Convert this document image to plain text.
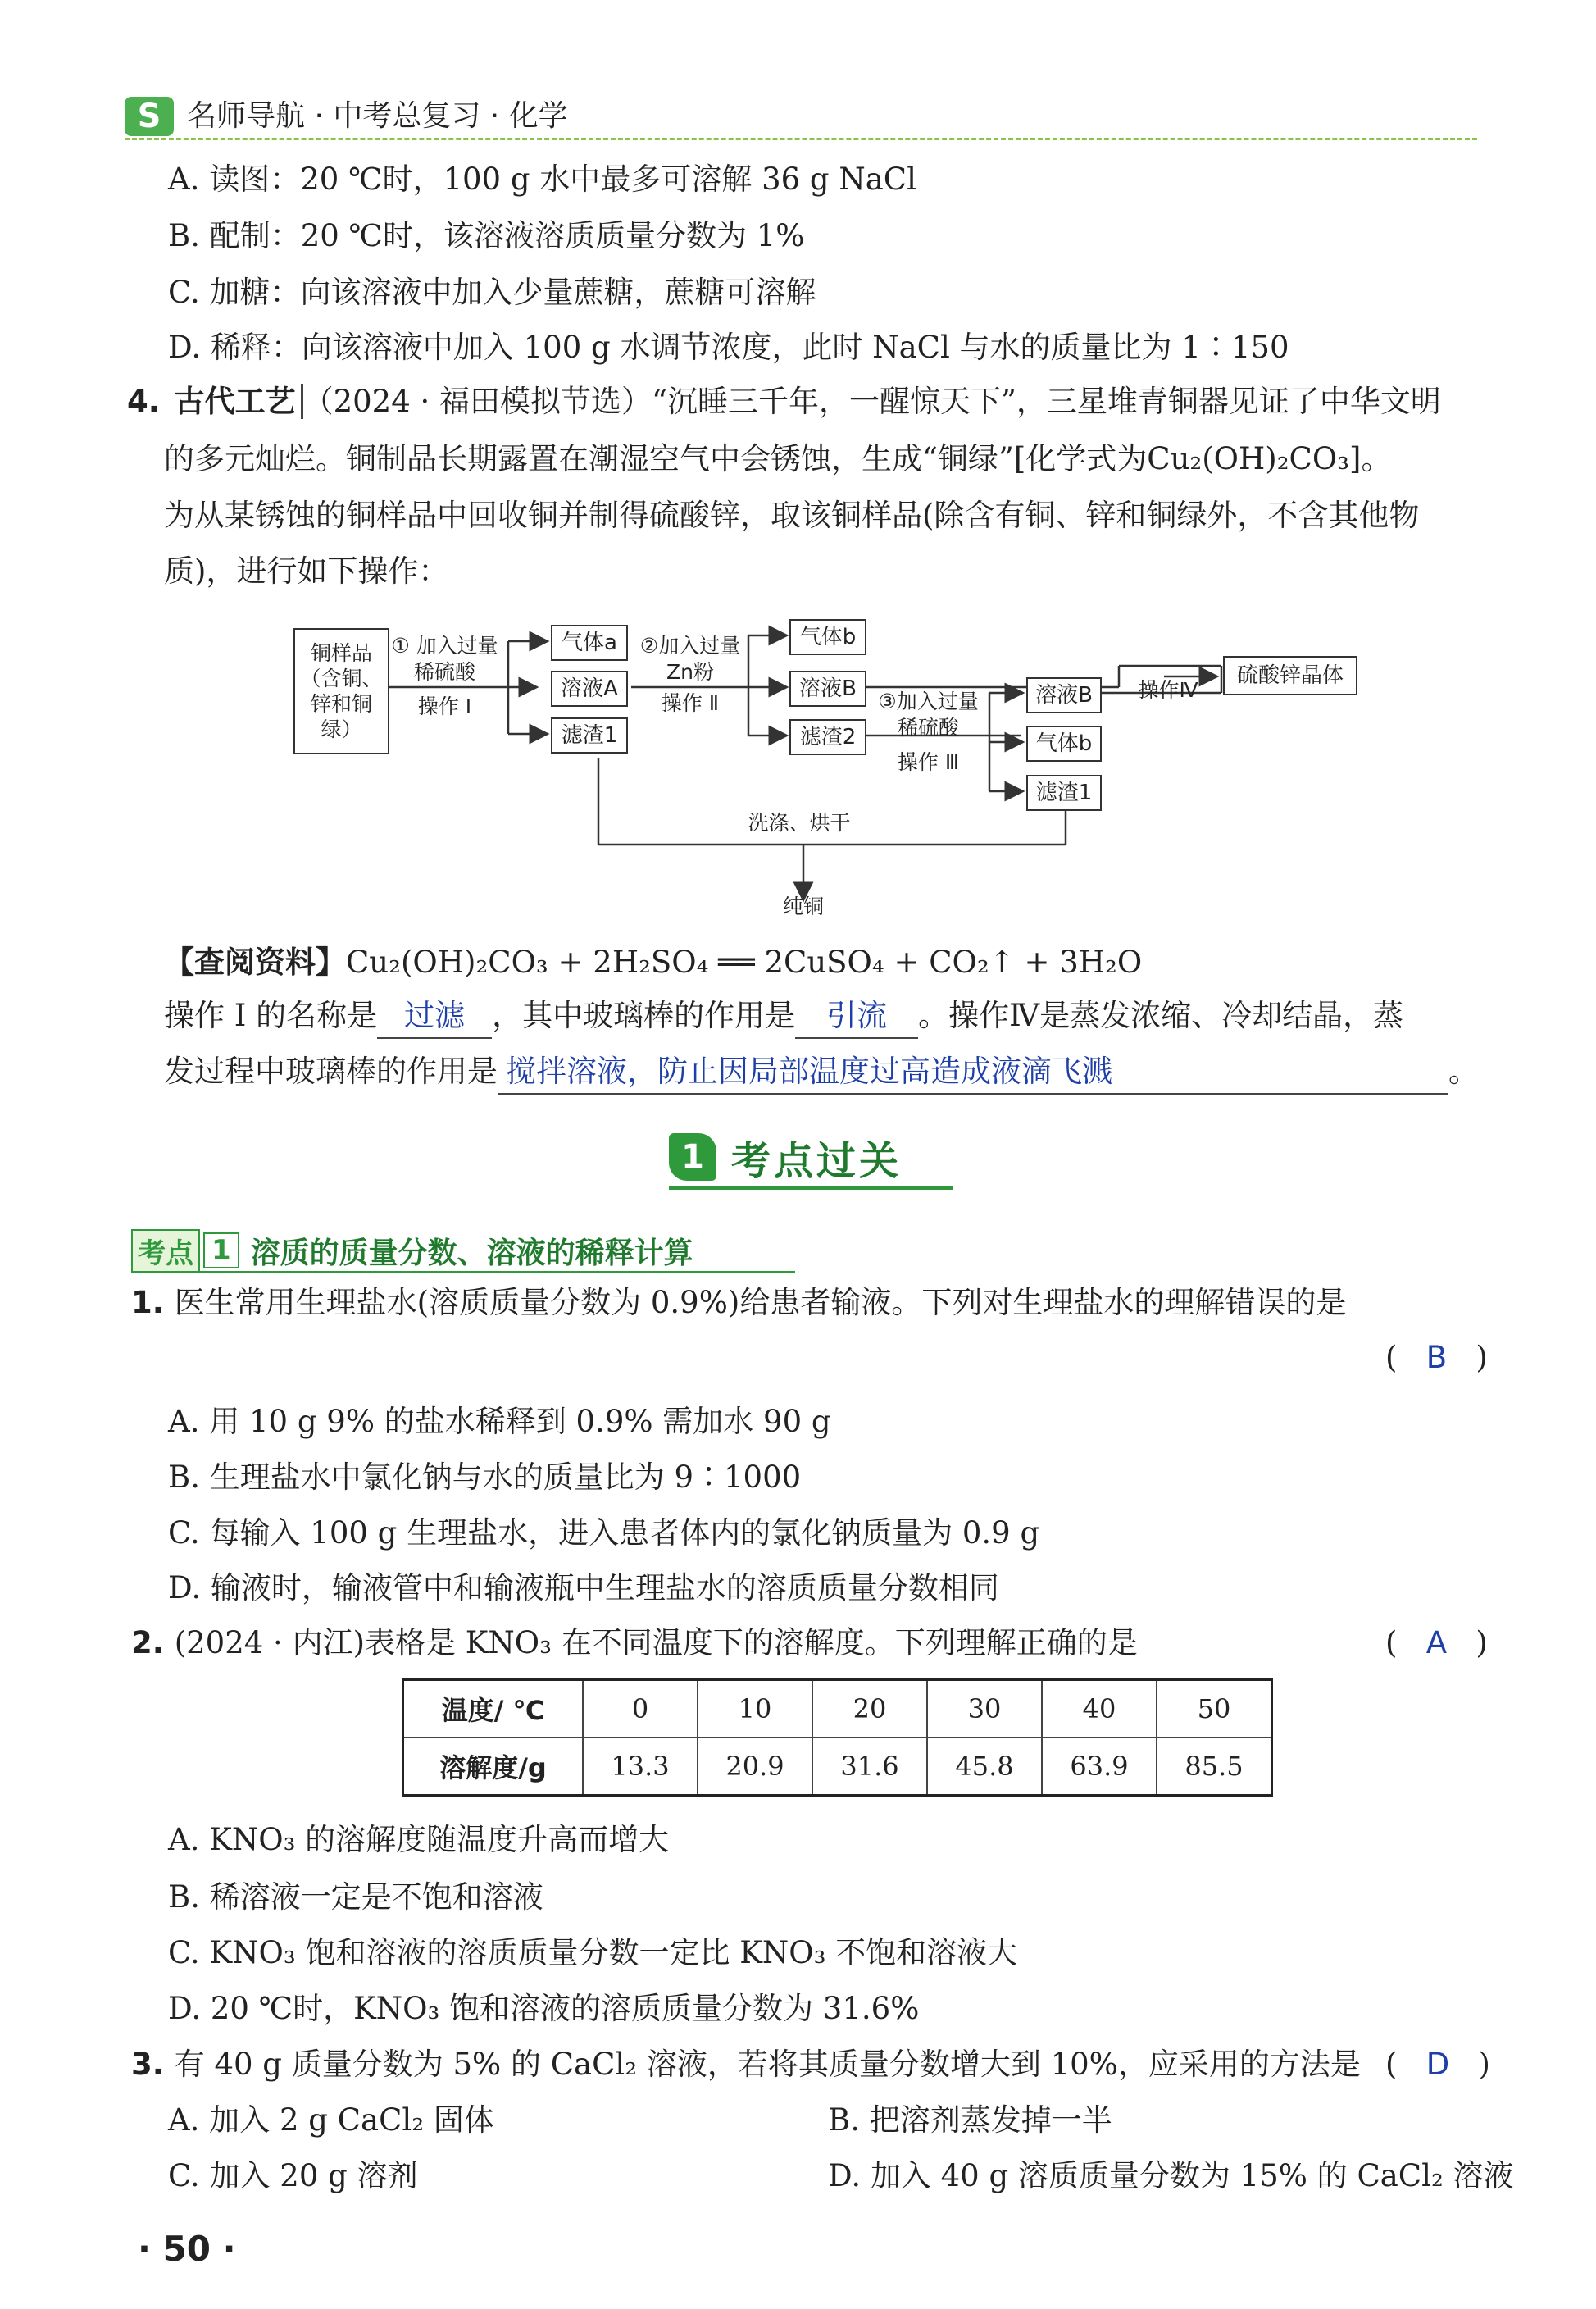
S 名师导航 · 中考总复习 · 化学
A. 读图：20 ℃时，100 g 水中最多可溶解 36 g NaCl
B. 配制：20 ℃时，该溶液溶质质量分数为 1%
C. 加糖：向该溶液中加入少量蔗糖，蔗糖可溶解
D. 稀释：向该溶液中加入 100 g 水调节浓度，此时 NaCl 与水的质量比为 1∶150
4. 古代工艺 （2024 · 福田模拟节选）“沉睡三千年，一醒惊天下”，三星堆青铜器见证了中华文明
的多元灿烂。铜制品长期露置在潮湿空气中会锈蚀，生成“铜绿”[化学式为Cu₂(OH)₂CO₃]。
为从某锈蚀的铜样品中回收铜并制得硫酸锌，取该铜样品(除含有铜、锌和铜绿外，不含其他物
质)，进行如下操作：
铜样品（含铜、锌和铜绿）
① 加入过量稀硫酸
操作 Ⅰ
气体a
溶液A
滤渣1
②加入过量Zn粉
操作 Ⅱ
气体b
溶液B
滤渣2
③加入过量稀硫酸
操作 Ⅲ
溶液B
气体b
滤渣1
操作Ⅳ
硫酸锌晶体
洗涤、烘干
纯铜
【查阅资料】Cu₂(OH)₂CO₃ + 2H₂SO₄ ══ 2CuSO₄ + CO₂↑ + 3H₂O
操作 Ⅰ 的名称是 过滤 ，其中玻璃棒的作用是 引流 。操作Ⅳ是蒸发浓缩、冷却结晶，蒸
发过程中玻璃棒的作用是 搅拌溶液，防止因局部温度过高造成液滴飞溅	。
1 考点过关
考点 1 溶质的质量分数、溶液的稀释计算
1. 医生常用生理盐水(溶质质量分数为 0.9%)给患者输液。下列对生理盐水的理解错误的是
(   B   )
A. 用 10 g 9% 的盐水稀释到 0.9% 需加水 90 g
B. 生理盐水中氯化钠与水的质量比为 9∶1000
C. 每输入 100 g 生理盐水，进入患者体内的氯化钠质量为 0.9 g
D. 输液时，输液管中和输液瓶中生理盐水的溶质质量分数相同
2. (2024 · 内江)表格是 KNO₃ 在不同温度下的溶解度。下列理解正确的是	(   A   )
温度/ ℃	0	10	20	30	40	50
溶解度/g	13.3	20.9	31.6	45.8	63.9	85.5
A. KNO₃ 的溶解度随温度升高而增大
B. 稀溶液一定是不饱和溶液
C. KNO₃ 饱和溶液的溶质质量分数一定比 KNO₃ 不饱和溶液大
D. 20 ℃时，KNO₃ 饱和溶液的溶质质量分数为 31.6%
3. 有 40 g 质量分数为 5% 的 CaCl₂ 溶液，若将其质量分数增大到 10%，应采用的方法是 (   D   )
A. 加入 2 g CaCl₂ 固体	B. 把溶剂蒸发掉一半
C. 加入 20 g 溶剂	D. 加入 40 g 溶质质量分数为 15% 的 CaCl₂ 溶液
· 50 ·
